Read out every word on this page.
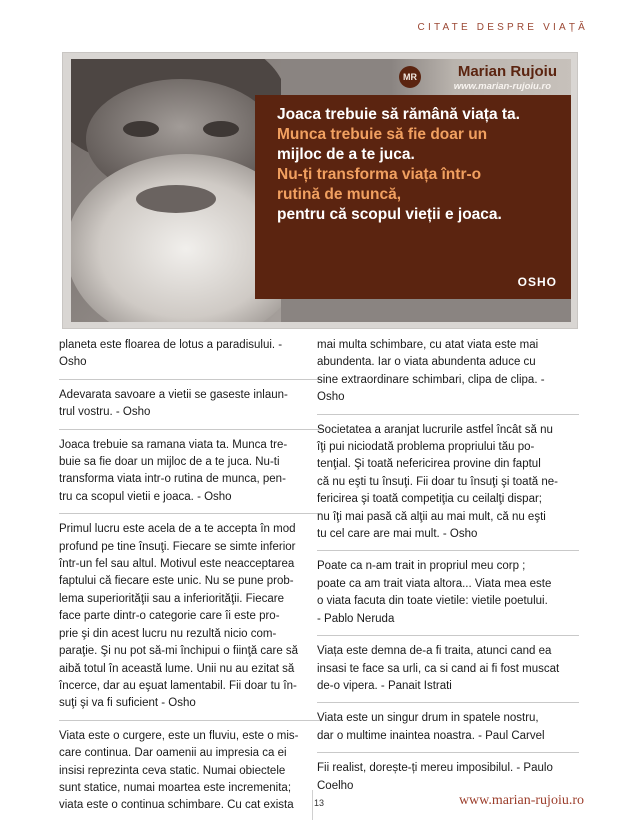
CITATE DESPRE VIAȚĂ
Joaca trebuie să rămână viața ta.
Munca trebuie să fie doar un
mijloc de a te juca.
Nu-ți transforma viața într-o
rutină de muncă,
pentru că scopul vieții e joaca.
OSHO
MR	Marian Rujoiu
www.marian-rujoiu.ro
planeta este floarea de lotus a paradisului. -
Osho
Adevarata savoare a vietii se gaseste inlaun-
trul vostru. - Osho
Joaca trebuie sa ramana viata ta. Munca tre-
buie sa fie doar un mijloc de a te juca. Nu-ti
transforma viata intr-o rutina de munca, pen-
tru ca scopul vietii e joaca. - Osho
Primul lucru este acela de a te accepta în mod
profund pe tine însuţi. Fiecare se simte inferior
într-un fel sau altul. Motivul este neacceptarea
faptului că fiecare este unic. Nu se pune prob-
lema superiorităţii sau a inferiorităţii. Fiecare
face parte dintr-o categorie care îi este pro-
prie şi din acest lucru nu rezultă nicio com-
paraţie. Şi nu pot să-mi închipui o fiinţă care să
aibă totul în această lume. Unii nu au ezitat să
încerce, dar au eşuat lamentabil. Fii doar tu în-
suţi şi va fi suficient - Osho
Viata este o curgere, este un fluviu, este o mis-
care continua. Dar oamenii au impresia ca ei
insisi reprezinta ceva static. Numai obiectele
sunt statice, numai moartea este incremenita;
viata este o continua schimbare. Cu cat exista
mai multa schimbare, cu atat viata este mai
abundenta. Iar o viata abundenta aduce cu
sine extraordinare schimbari, clipa de clipa. -
Osho
Societatea a aranjat lucrurile astfel încât să nu
îţi pui niciodată problema propriului tău po-
tenţial. Şi toată nefericirea provine din faptul
că nu eşti tu însuţi. Fii doar tu însuţi şi toată ne-
fericirea şi toată competiţia cu ceilalţi dispar;
nu îţi mai pasă că alţii au mai mult, că nu eşti
tu cel care are mai mult. - Osho
Poate ca n-am trait in propriul meu corp ;
poate ca am trait viata altora... Viata mea este
o viata facuta din toate vietile: vietile poetului.
- Pablo Neruda
Viața este demna de-a fi traita, atunci cand ea
insasi te face sa urli, ca si cand ai fi fost muscat
de-o vipera. - Panait Istrati
Viata este un singur drum in spatele nostru,
dar o multime inaintea noastra. - Paul Carvel
Fii realist, dorește-ți mereu imposibilul. - Paulo
Coelho
13	www.marian-rujoiu.ro
